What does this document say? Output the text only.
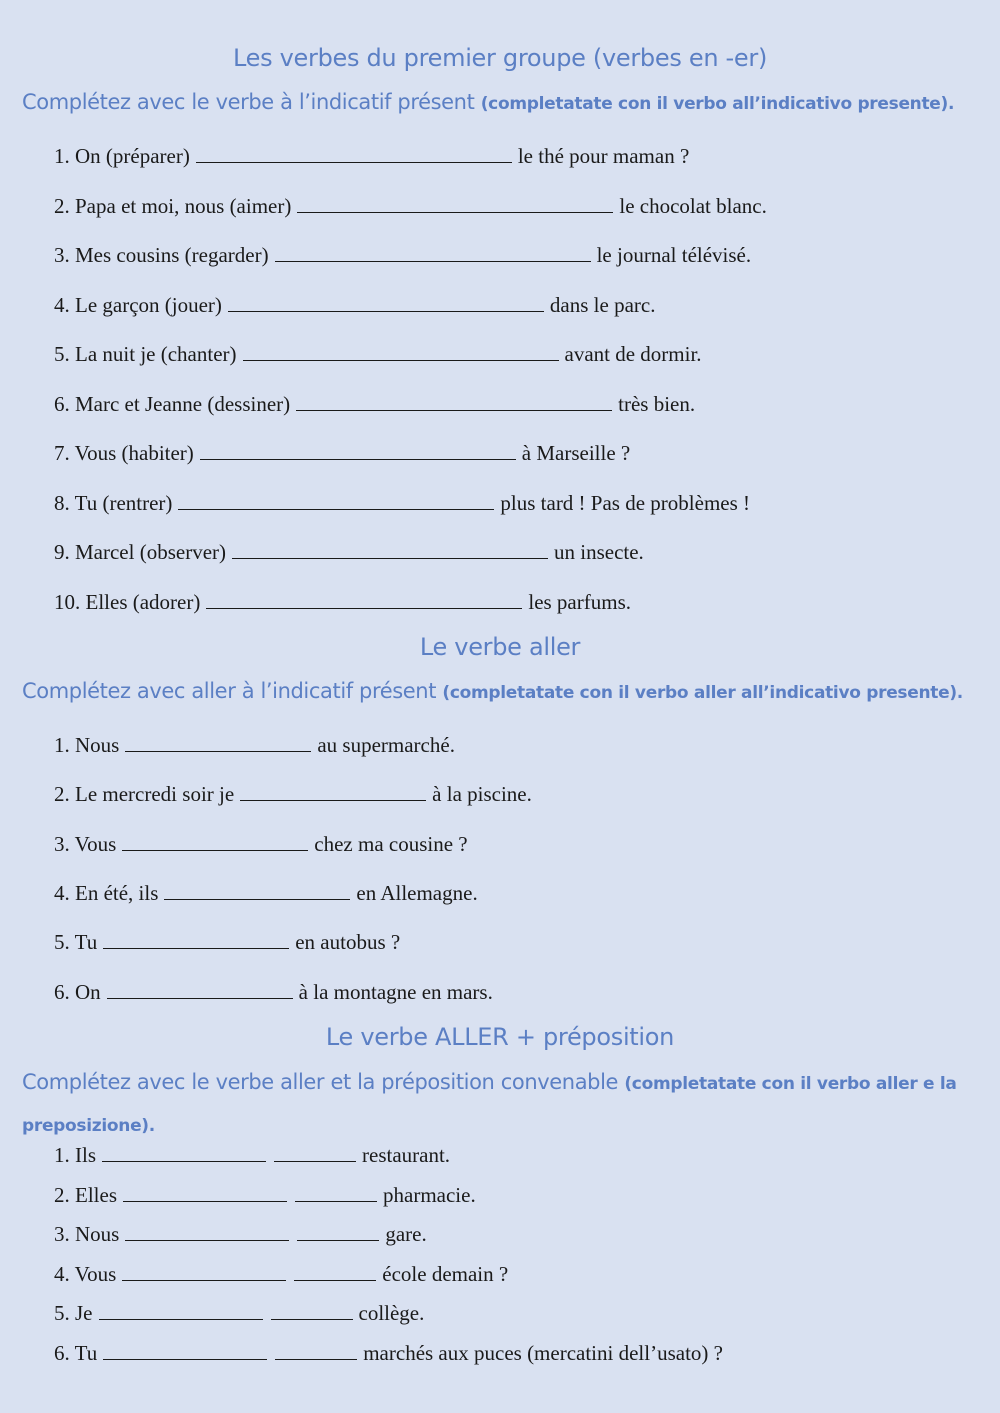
Les verbes du premier groupe (verbes en -er)
Complétez avec le verbe à l’indicatif présent (completatate con il verbo all’indicativo presente).
1. On (préparer)	le thé pour maman ?
2. Papa et moi, nous (aimer)	le chocolat blanc.
3. Mes cousins (regarder)	le journal télévisé.
4. Le garçon (jouer)	dans le parc.
5. La nuit je (chanter)	avant de dormir.
6. Marc et Jeanne (dessiner)	très bien.
7. Vous (habiter)	à Marseille ?
8. Tu (rentrer)	plus tard ! Pas de problèmes !
9. Marcel (observer)	un insecte.
10. Elles (adorer)	les parfums.
Le verbe aller
Complétez avec aller à l’indicatif présent (completatate con il verbo aller all’indicativo presente).
1. Nous	au supermarché.
2. Le mercredi soir je	à la piscine.
3. Vous	chez ma cousine ?
4. En été, ils	en Allemagne.
5. Tu	en autobus ?
6. On	à la montagne en mars.
Le verbe ALLER + préposition
Complétez avec le verbe aller et la préposition convenable (completatate con il verbo aller e la preposizione).
1. Ils	restaurant.
2. Elles	pharmacie.
3. Nous	gare.
4. Vous	école demain ?
5. Je	collège.
6. Tu	marchés aux puces (mercatini dell’usato) ?
